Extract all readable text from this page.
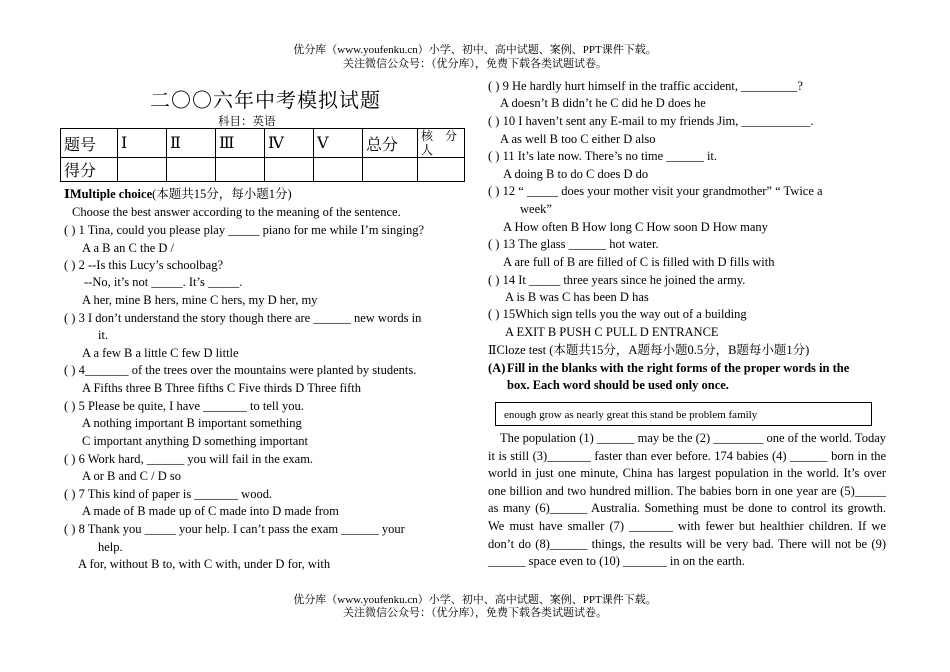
优分库（www.youfenku.cn）小学、初中、高中试题、案例、PPT课件下载。
关注微信公众号：（优分库），免费下载各类试题试卷。
二〇〇六年中考模拟试题
科目：英语
题号	Ⅰ	Ⅱ	Ⅲ	Ⅳ	Ⅴ	总分	核　分人
得分							
ⅠMultiple choice(本题共15分，每小题1分)
Choose the best answer according to the meaning of the sentence.
( ) 1 Tina, could you please play _____ piano for me while I’m singing?
A a B an C the D /
( ) 2 --Is this Lucy’s schoolbag?
--No, it’s not _____. It’s _____.
A her, mine B hers, mine C hers, my D her, my
( ) 3 I don’t understand the story though there are ______ new words in
it.
A a few B a little C few D little
( ) 4_______ of the trees over the mountains were planted by students.
A Fifths three B Three fifths C Five thirds D Three fifth
( ) 5 Please be quite, I have _______ to tell you.
A nothing important B important something
C important anything D something important
( ) 6 Work hard, ______ you will fail in the exam.
A or B and C / D so
( ) 7 This kind of paper is _______ wood.
A made of B made up of C made into D made from
( ) 8 Thank you _____ your help. I can’t pass the exam ______ your
help.
A for, without B to, with C with, under D for, with
( ) 9 He hardly hurt himself in the traffic accident, _________?
A doesn’t B didn’t he C did he D does he
( ) 10 I haven’t sent any E-mail to my friends Jim, ___________.
A as well B too C either D also
( ) 11 It’s late now. There’s no time ______ it.
A doing B to do C does D do
( ) 12 “ _____ does your mother visit your grandmother” “ Twice a
week”
A How often B How long C How soon D How many
( ) 13 The glass ______ hot water.
A are full of B are filled of C is filled with D fills with
( ) 14 It _____ three years since he joined the army.
A is B was C has been D has
( ) 15Which sign tells you the way out of a building
A EXIT B PUSH C PULL D ENTRANCE
ⅡCloze test (本题共15分，A题每小题0.5分，B题每小题1分)
(A) Fill in the blanks with the right forms of the proper words in the
box. Each word should be used only once.
enough grow as nearly great this stand be problem family
The population (1) ______ may be the (2) ________ one of the world. Today it is still (3)_______ faster than ever before. 174 babies (4) ______ born in the world in just one minute, China has largest population in the world. It’s over one billion and two hundred million. The babies born in one year are (5)_____ as many (6)______ Australia. Something must be done to control its growth. We must have smaller (7) _______ with fewer but healthier children. If we don’t do (8)______ things, the results will be very bad. There will not be (9) ______ space even to (10) _______ in on the earth.
优分库（www.youfenku.cn）小学、初中、高中试题、案例、PPT课件下载。
关注微信公众号：（优分库），免费下载各类试题试卷。
